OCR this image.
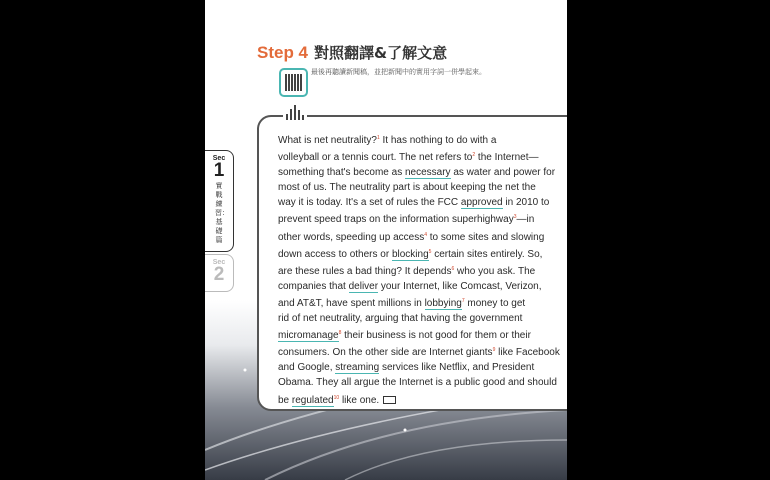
Step 4 對照翻譯&了解文意
最後再聽讀新聞稿，並把新聞中的實用字詞一併學起來。
Sec
1
實戰練習：基礎篇
Sec
2

What is net neutrality?$^1$ It has nothing to do with a
volleyball or a tennis court. The net refers $to^2$ the Internet—
something that's become as necessary as water and power for
most of us. The neutrality part is about keeping the net the
way it is today. It's a set of rules the FCC approved in 2010 to
prevent speed traps on the information superhighway$^3$—in
other words, speeding up access$^4$ to some sites and slowing
down access to others or blocking$^5$ certain sites entirely. So,
are these rules a bad thing? It depends$^6$ who you ask. The
companies that deliver your Internet, like Comcast, Verizon,
and AT&T, have spent millions in lobbying$^7$ money to get
rid of net neutrality, arguing that having the government
micromanage$^8$ their business is not good for them or their
consumers. On the other side are Internet giants$^9$ like Facebook
and Google, streaming services like Netflix, and President
Obama. They all argue the Internet is a public good and should
be regulated$^{10}$ like one.
